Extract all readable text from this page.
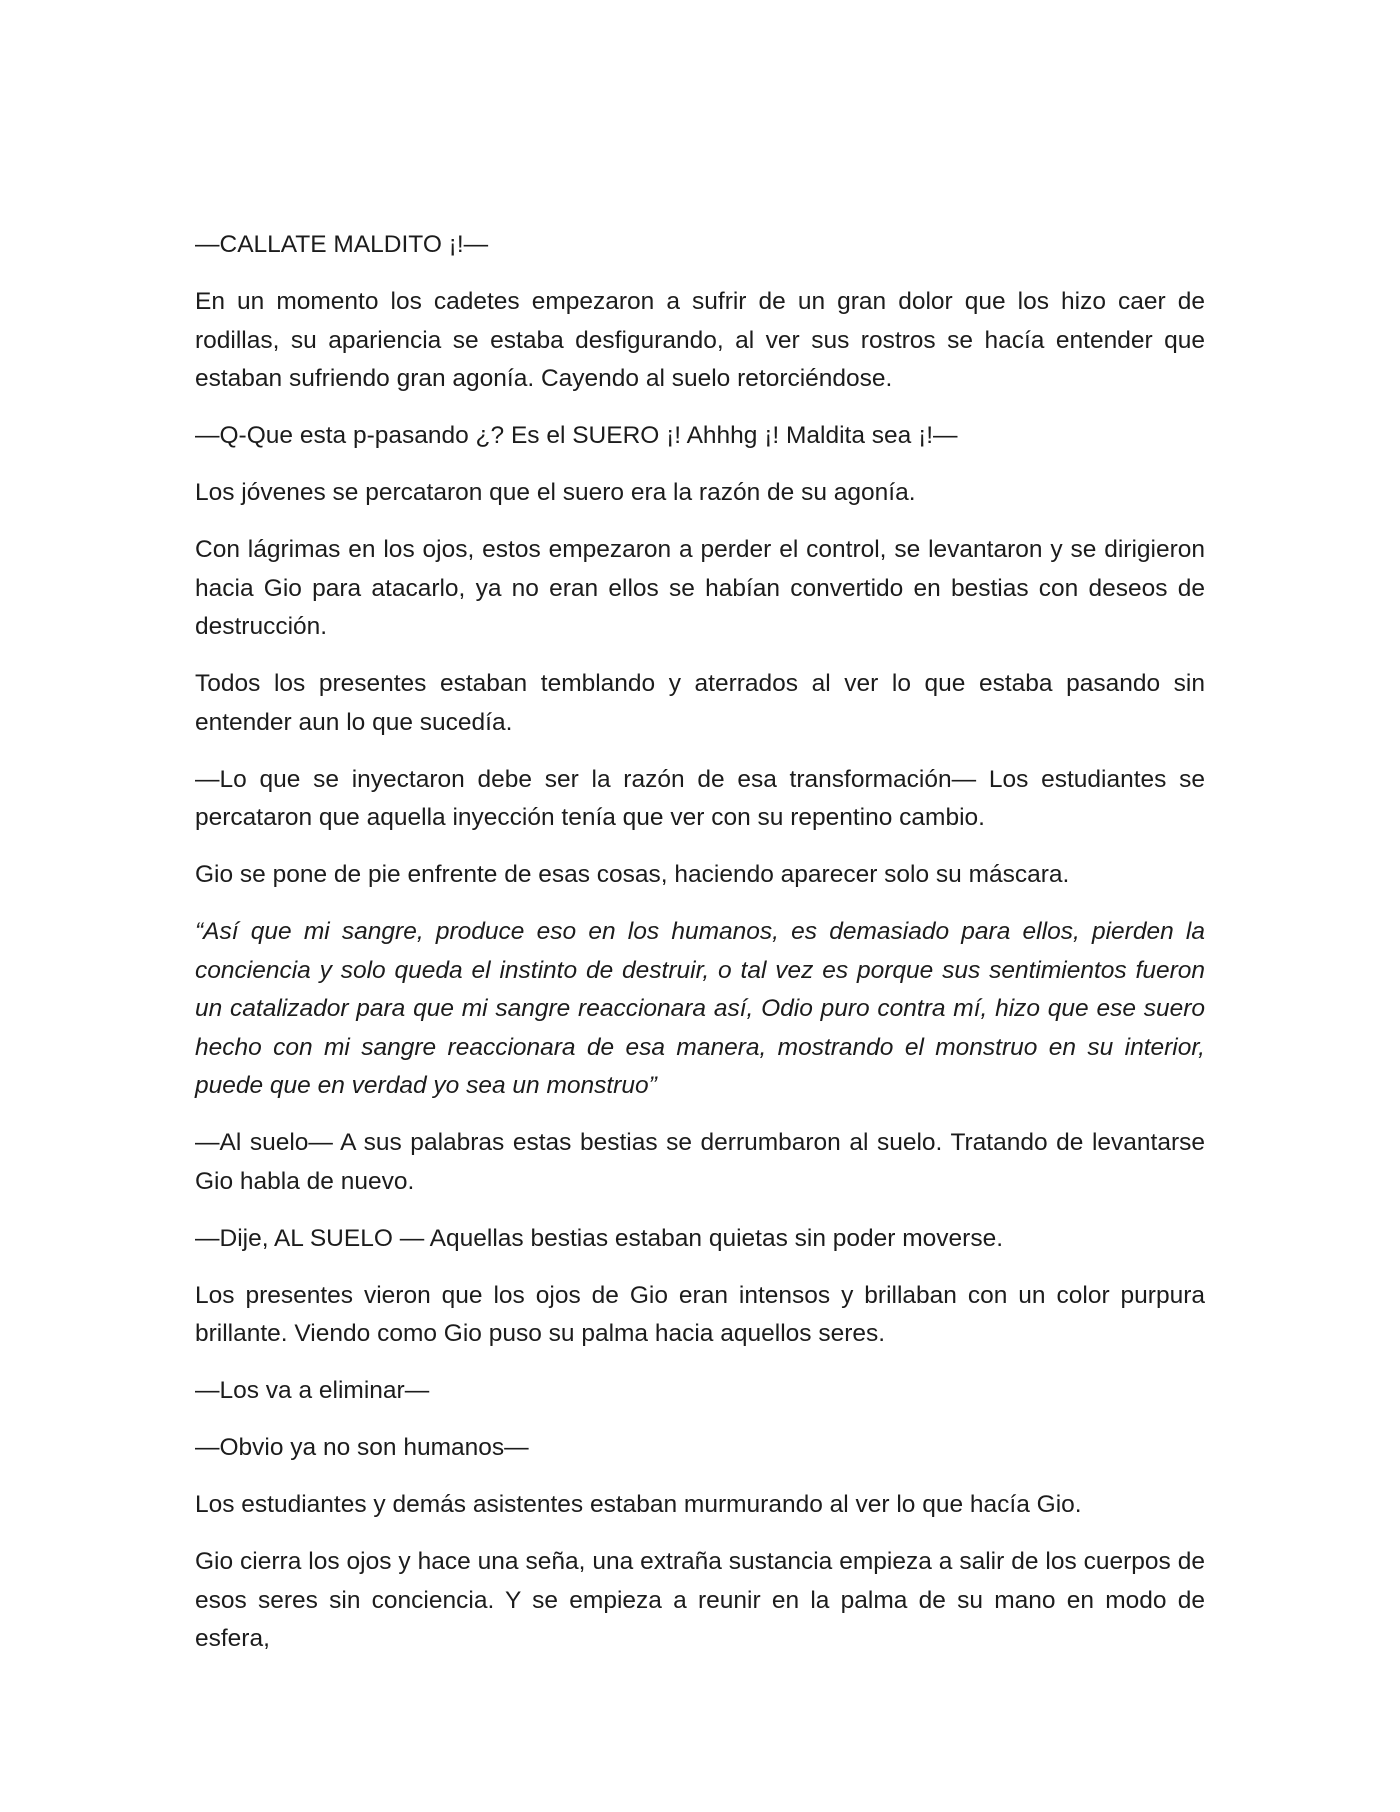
—CALLATE MALDITO ¡!—

En un momento los cadetes empezaron a sufrir de un gran dolor que los hizo caer de rodillas, su apariencia se estaba desfigurando, al ver sus rostros se hacía entender que estaban sufriendo gran agonía. Cayendo al suelo retorciéndose.

—Q-Que esta p-pasando ¿? Es el SUERO ¡! Ahhhg ¡! Maldita sea ¡!—

Los jóvenes se percataron que el suero era la razón de su agonía.

Con lágrimas en los ojos, estos empezaron a perder el control, se levantaron y se dirigieron hacia Gio para atacarlo, ya no eran ellos se habían convertido en bestias con deseos de destrucción.

Todos los presentes estaban temblando y aterrados al ver lo que estaba pasando sin entender aun lo que sucedía.

—Lo que se inyectaron debe ser la razón de esa transformación— Los estudiantes se percataron que aquella inyección tenía que ver con su repentino cambio.

Gio se pone de pie enfrente de esas cosas, haciendo aparecer solo su máscara.

“Así que mi sangre, produce eso en los humanos, es demasiado para ellos, pierden la conciencia y solo queda el instinto de destruir, o tal vez es porque sus sentimientos fueron un catalizador para que mi sangre reaccionara así, Odio puro contra mí, hizo que ese suero hecho con mi sangre reaccionara de esa manera, mostrando el monstruo en su interior, puede que en verdad yo sea un monstruo”

—Al suelo— A sus palabras estas bestias se derrumbaron al suelo. Tratando de levantarse Gio habla de nuevo.

—Dije, AL SUELO — Aquellas bestias estaban quietas sin poder moverse.

Los presentes vieron que los ojos de Gio eran intensos y brillaban con un color purpura brillante. Viendo como Gio puso su palma hacia aquellos seres.

—Los va a eliminar—

—Obvio ya no son humanos—

Los estudiantes y demás asistentes estaban murmurando al ver lo que hacía Gio.

Gio cierra los ojos y hace una seña, una extraña sustancia empieza a salir de los cuerpos de esos seres sin conciencia. Y se empieza a reunir en la palma de su mano en modo de esfera,
